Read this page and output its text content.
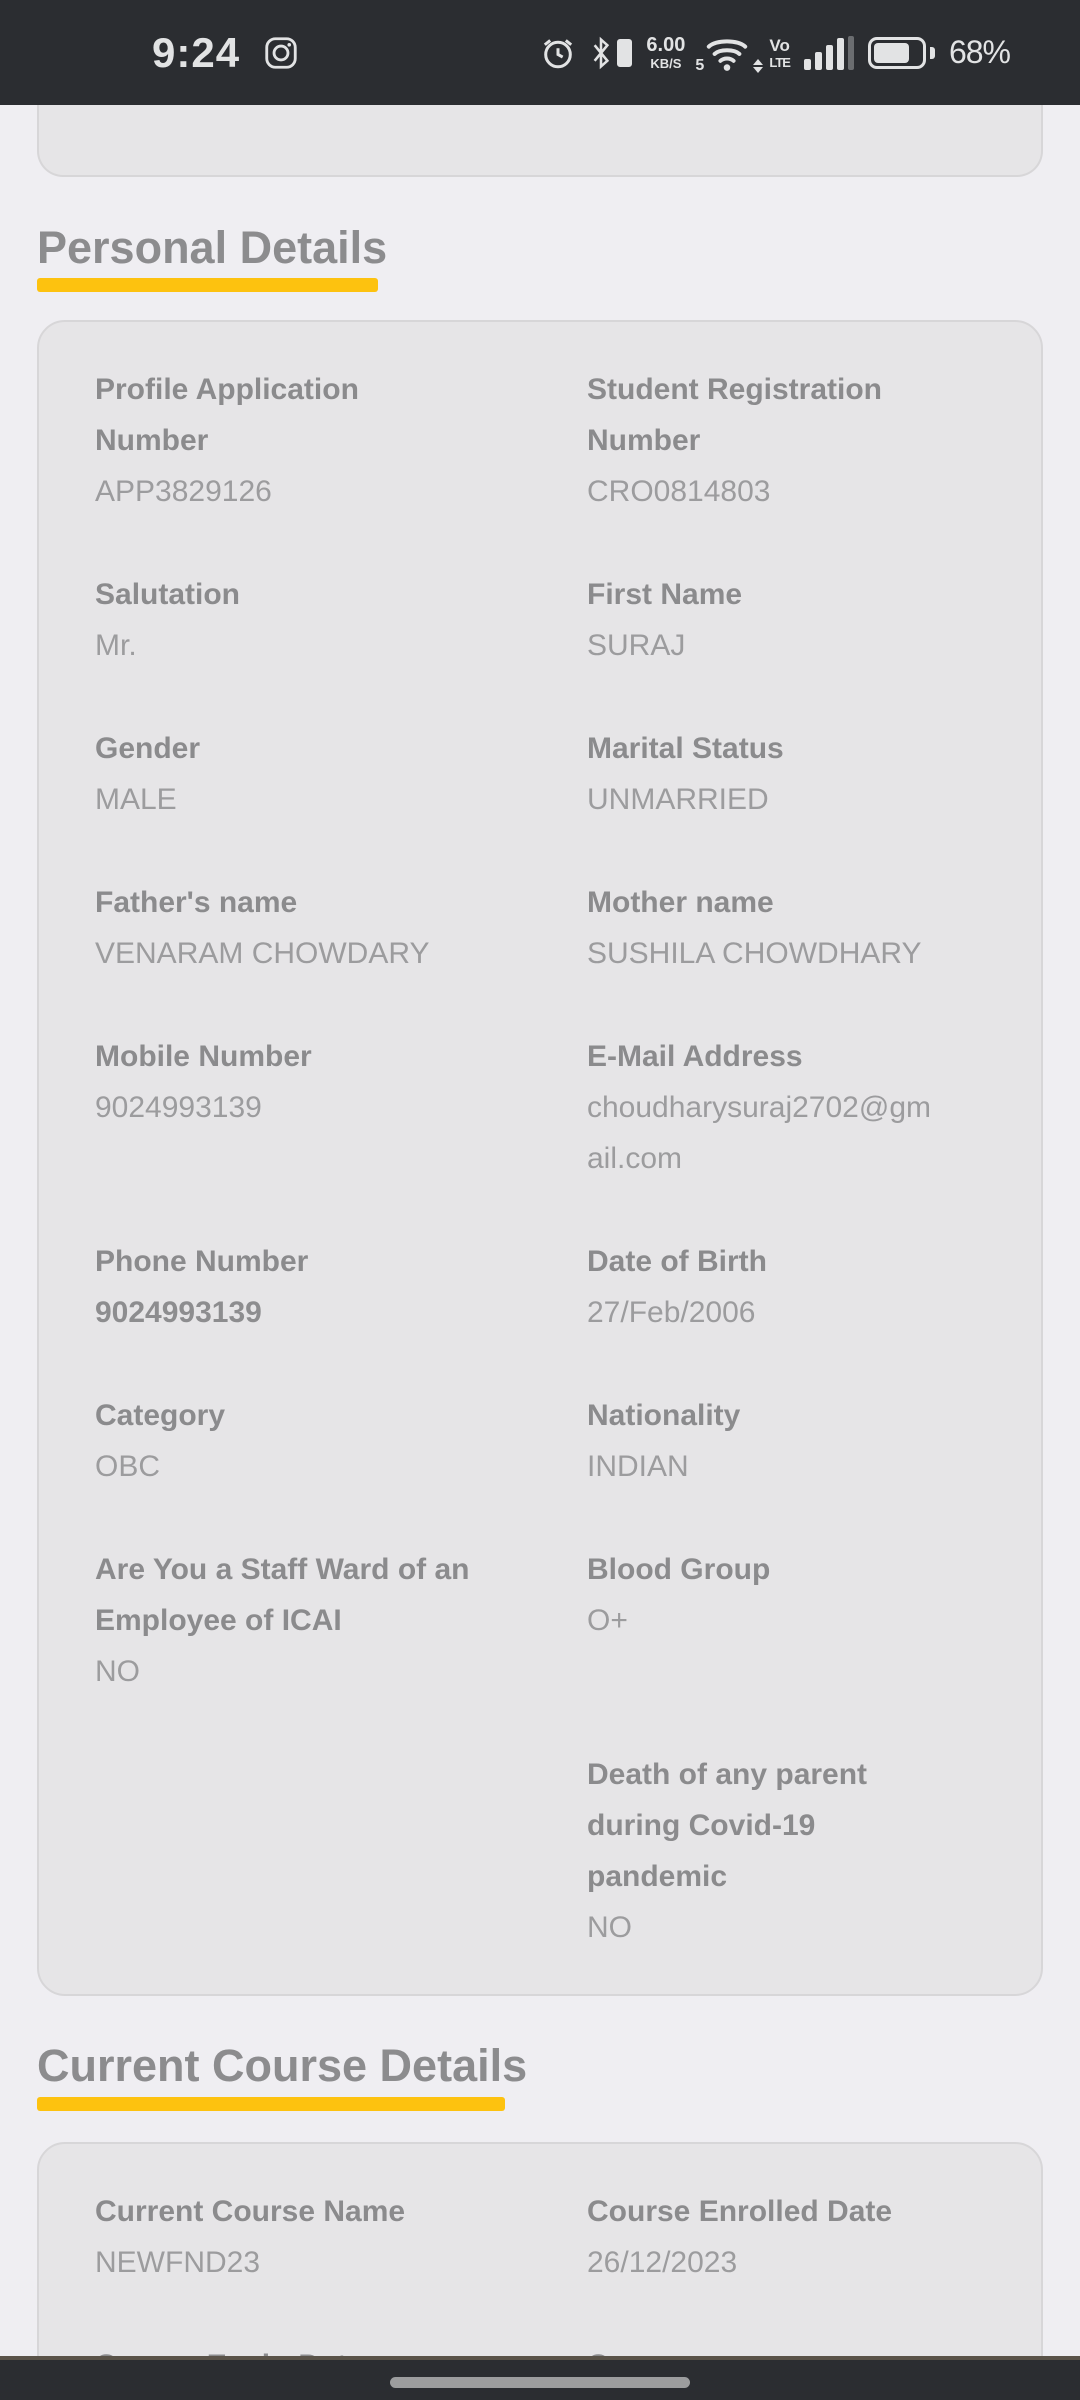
9:24	6.00
KB/S 5
Vo
LTE	68%
Personal Details
Profile Application Number
APP3829126
Student Registration Number
CRO0814803
Salutation
Mr.
First Name
SURAJ
Gender
MALE
Marital Status
UNMARRIED
Father's name
VENARAM CHOWDARY
Mother name
SUSHILA CHOWDHARY
Mobile Number
9024993139
E-Mail Address
choudharysuraj2702@gmail.com
Phone Number
9024993139
Date of Birth
27/Feb/2006
Category
OBC
Nationality
INDIAN
Are You a Staff Ward of an Employee of ICAI
NO
Blood Group
O+
Death of any parent during Covid-19 pandemic
NO
Current Course Details
Current Course Name
NEWFND23
Course Enrolled Date
26/12/2023
